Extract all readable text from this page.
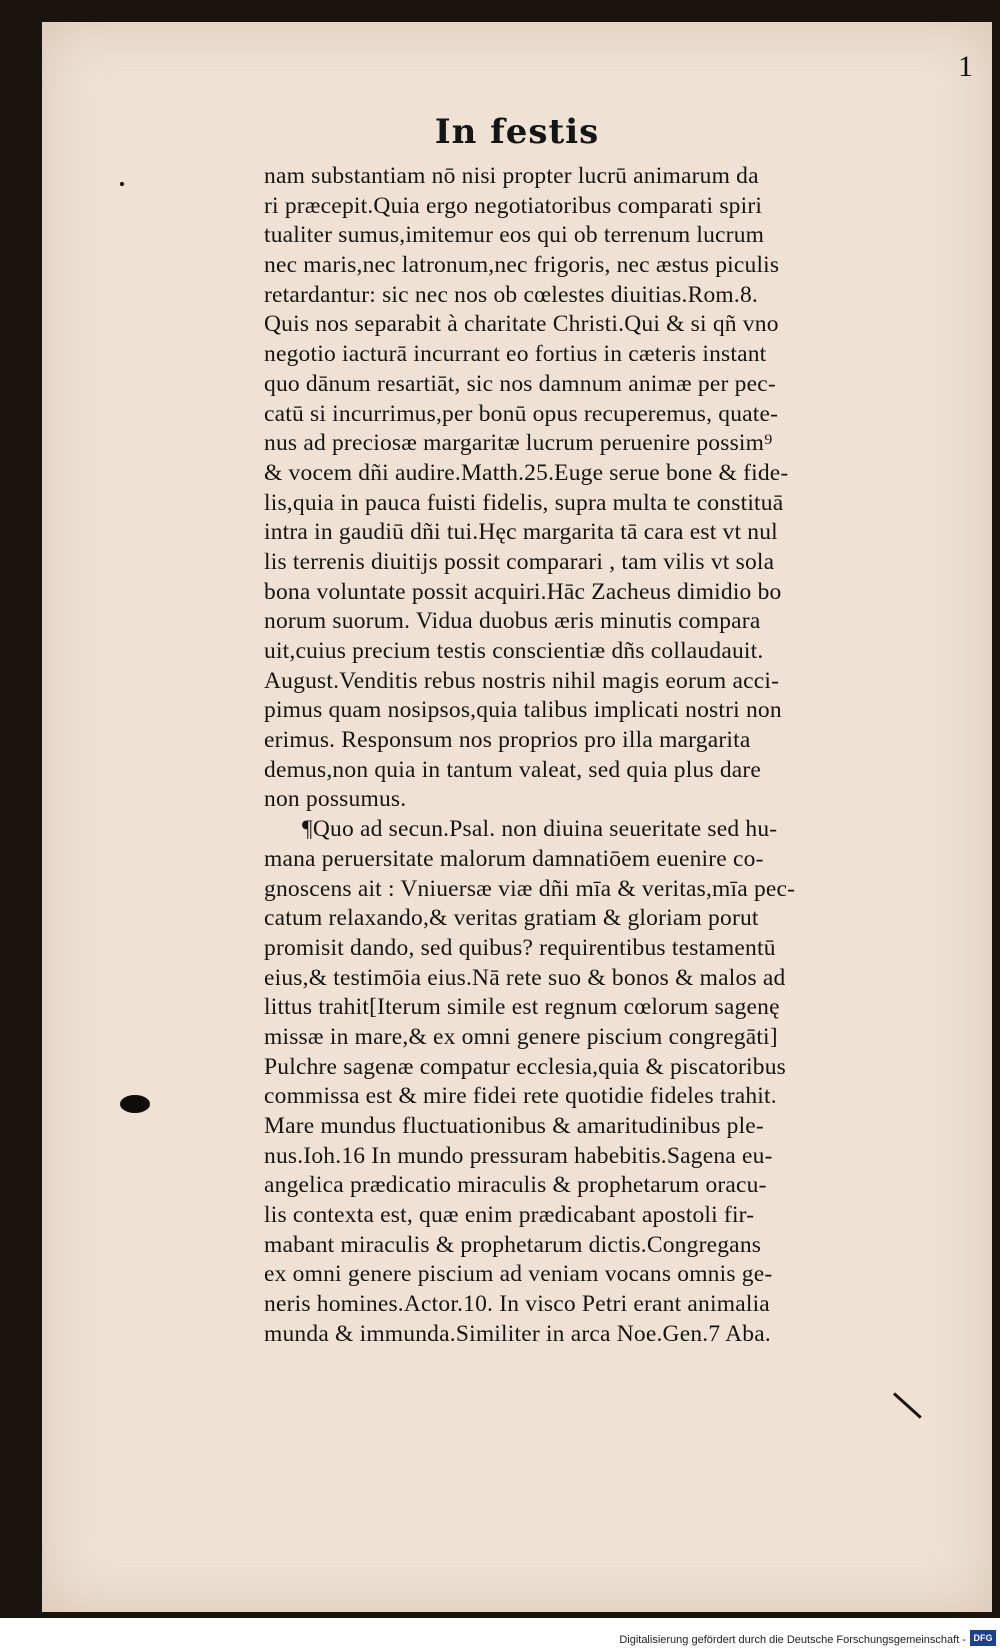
1
In festis
nam substantiam nō nisi propter lucrū animarum da
ri præcepit.Quia ergo negotiatoribus comparati spiri
tualiter sumus,imitemur eos qui ob terrenum lucrum
nec maris,nec latronum,nec frigoris, nec æstus piculis
retardantur: sic nec nos ob cœlestes diuitias.Rom.8.
Quis nos separabit à charitate Christi.Qui & si qñ vno
negotio iacturā incurrant eo fortius in cæteris instant
quo dānum resartiāt, sic nos damnum animæ per pec-
catū si incurrimus,per bonū opus recuperemus, quate-
nus ad preciosæ margaritæ lucrum peruenire possim⁹
& vocem dñi audire.Matth.25.Euge serue bone & fide-
lis,quia in pauca fuisti fidelis, supra multa te constituā
intra in gaudiū dñi tui.Hęc margarita tā cara est vt nul
lis terrenis diuitijs possit comparari , tam vilis vt sola
bona voluntate possit acquiri.Hāc Zacheus dimidio bo
norum suorum. Vidua duobus æris minutis compara
uit,cuius precium testis conscientiæ dñs collaudauit.
August.Venditis rebus nostris nihil magis eorum acci-
pimus quam nosipsos,quia talibus implicati nostri non
erimus. Responsum nos proprios pro illa margarita
demus,non quia in tantum valeat, sed quia plus dare
non possumus.
¶Quo ad secun.Psal. non diuina seueritate sed hu-
mana peruersitate malorum damnatiōem euenire co-
gnoscens ait : Vniuersæ viæ dñi mīa & veritas,mīa pec-
catum relaxando,& veritas gratiam & gloriam porut
promisit dando, sed quibus? requirentibus testamentū
eius,& testimōia eius.Nā rete suo & bonos & malos ad
littus trahit[Iterum simile est regnum cœlorum sagenę
missæ in mare,& ex omni genere piscium congregāti]
Pulchre sagenæ compatur ecclesia,quia & piscatoribus
commissa est & mire fidei rete quotidie fideles trahit.
Mare mundus fluctuationibus & amaritudinibus ple-
nus.Ioh.16 In mundo pressuram habebitis.Sagena eu-
angelica prædicatio miraculis & prophetarum oracu-
lis contexta est, quæ enim prædicabant apostoli fir-
mabant miraculis & prophetarum dictis.Congregans
ex omni genere piscium ad veniam vocans omnis ge-
neris homines.Actor.10. In visco Petri erant animalia
munda & immunda.Similiter in arca Noe.Gen.7 Aba.
Digitalisierung gefördert durch die Deutsche Forschungsgemeinschaft - DFG
